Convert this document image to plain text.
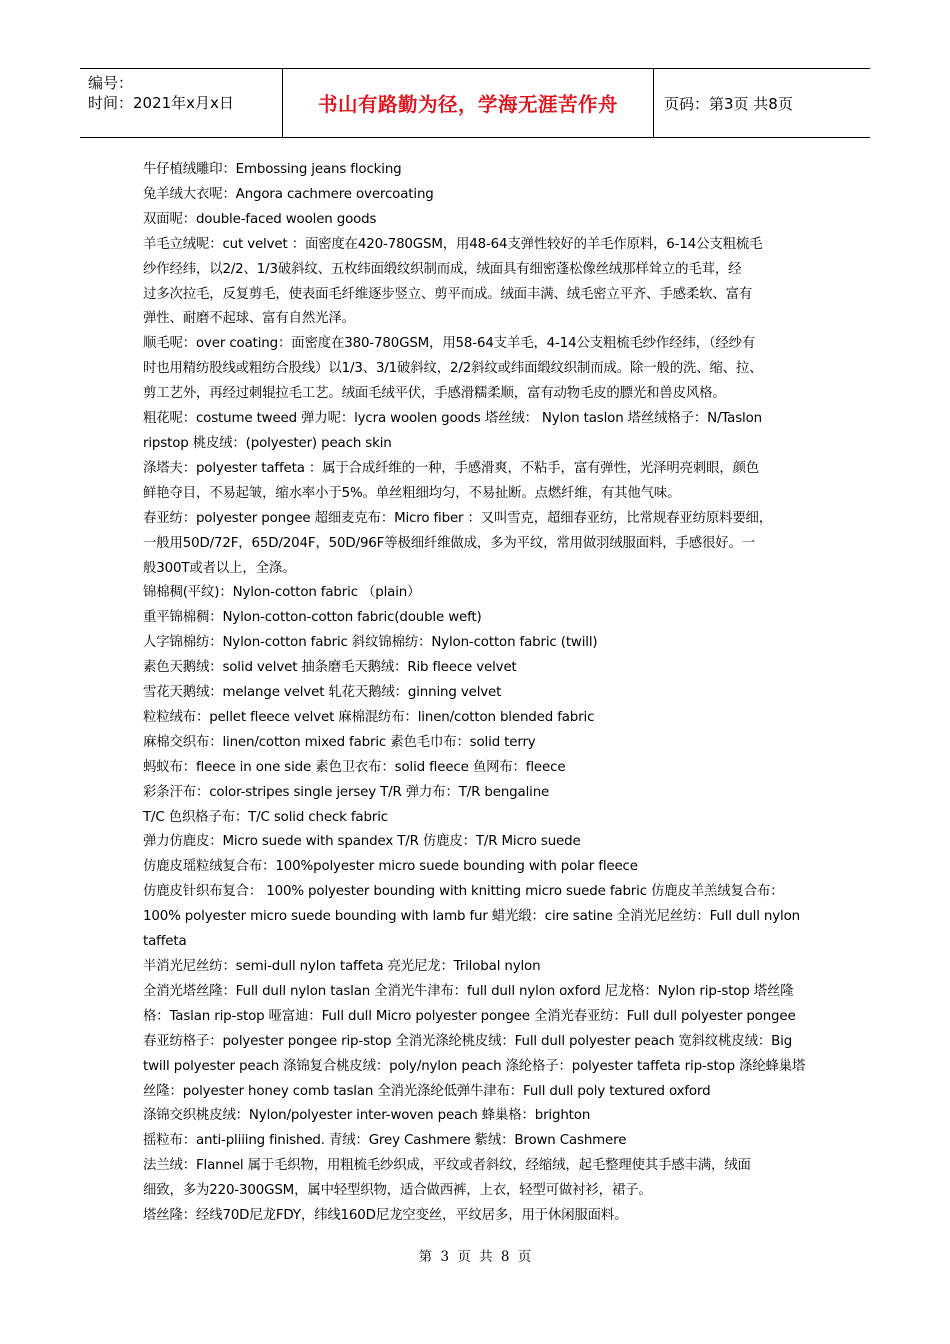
编号：
时间：2021年x月x日	书山有路勤为径，学海无涯苦作舟	页码：第3页 共8页

牛仔植绒雕印：Embossing jeans flocking

兔羊绒大衣呢：Angora cachmere overcoating

双面呢：double-faced woolen goods

羊毛立绒呢：cut velvet ：面密度在420-780GSM，用48-64支弹性较好的羊毛作原料，6-14公支粗梳毛

纱作经纬，以2/2、1/3破斜纹、五枚纬面缎纹织制而成，绒面具有细密蓬松像丝绒那样耸立的毛茸，经

过多次拉毛，反复剪毛，使表面毛纤维逐步竖立、剪平而成。绒面丰满、绒毛密立平齐、手感柔软、富有

弹性、耐磨不起球、富有自然光泽。

顺毛呢：over coating：面密度在380-780GSM，用58-64支羊毛，4-14公支粗梳毛纱作经纬，（经纱有

时也用精纺股线或粗纺合股线）以1/3、3/1破斜纹，2/2斜纹或纬面缎纹织制而成。除一般的洗、缩、拉、

剪工艺外，再经过刺辊拉毛工艺。绒面毛绒平伏，手感滑糯柔顺，富有动物毛皮的膘光和兽皮风格。

粗花呢：costume tweed 弹力呢：lycra woolen goods 塔丝绒： Nylon taslon 塔丝绒格子：N/Taslon

ripstop 桃皮绒：(polyester) peach skin

涤塔夫：polyester taffeta ：属于合成纤维的一种，手感滑爽，不粘手，富有弹性，光泽明亮刺眼，颜色

鲜艳夺目，不易起皱，缩水率小于5%。单丝粗细均匀，不易扯断。点燃纤维，有其他气味。

春亚纺：polyester pongee 超细麦克布：Micro fiber ：又叫雪克，超细春亚纺，比常规春亚纺原料要细，

一般用50D/72F，65D/204F，50D/96F等极细纤维做成，多为平纹，常用做羽绒服面料，手感很好。一

般300T或者以上，全涤。

锦棉稠(平纹)：Nylon-cotton fabric （plain）

重平锦棉稠：Nylon-cotton-cotton fabric(double weft)

人字锦棉纺：Nylon-cotton fabric 斜纹锦棉纺：Nylon-cotton fabric (twill)

素色天鹅绒：solid velvet 抽条磨毛天鹅绒：Rib fleece velvet

雪花天鹅绒：melange velvet 轧花天鹅绒：ginning velvet

粒粒绒布：pellet fleece velvet 麻棉混纺布：linen/cotton blended fabric

麻棉交织布：linen/cotton mixed fabric 素色毛巾布：solid terry

蚂蚁布：fleece in one side 素色卫衣布：solid fleece 鱼网布：fleece

彩条汗布：color-stripes single jersey T/R 弹力布：T/R bengaline

T/C 色织格子布：T/C solid check fabric

弹力仿鹿皮：Micro suede with spandex T/R 仿鹿皮：T/R Micro suede

仿鹿皮瑶粒绒复合布：100%polyester micro suede bounding with polar fleece

仿鹿皮针织布复合： 100% polyester bounding with knitting micro suede fabric 仿鹿皮羊羔绒复合布：

100% polyester micro suede bounding with lamb fur 蜡光缎：cire satine 全消光尼丝纺：Full dull nylon

taffeta

半消光尼丝纺：semi-dull nylon taffeta 亮光尼龙：Trilobal nylon

全消光塔丝隆：Full dull nylon taslan 全消光牛津布：full dull nylon oxford 尼龙格：Nylon rip-stop 塔丝隆

格：Taslan rip-stop 哑富迪：Full dull Micro polyester pongee 全消光春亚纺：Full dull polyester pongee

春亚纺格子：polyester pongee rip-stop 全消光涤纶桃皮绒：Full dull polyester peach 宽斜纹桃皮绒：Big

twill polyester peach 涤锦复合桃皮绒：poly/nylon peach 涤纶格子：polyester taffeta rip-stop 涤纶蜂巢塔

丝隆：polyester honey comb taslan 全消光涤纶低弹牛津布：Full dull poly textured oxford

涤锦交织桃皮绒：Nylon/polyester inter-woven peach 蜂巢格：brighton

摇粒布：anti-pliiing finished. 青绒：Grey Cashmere 紫绒：Brown Cashmere

法兰绒：Flannel 属于毛织物，用粗梳毛纱织成，平纹或者斜纹，经缩绒，起毛整理使其手感丰满，绒面

细致，多为220-300GSM，属中轻型织物，适合做西裤，上衣，轻型可做衬衫，裙子。

塔丝隆：经线70D尼龙FDY，纬线160D尼龙空变丝，平纹居多，用于休闲服面料。

第 3 页 共 8 页
